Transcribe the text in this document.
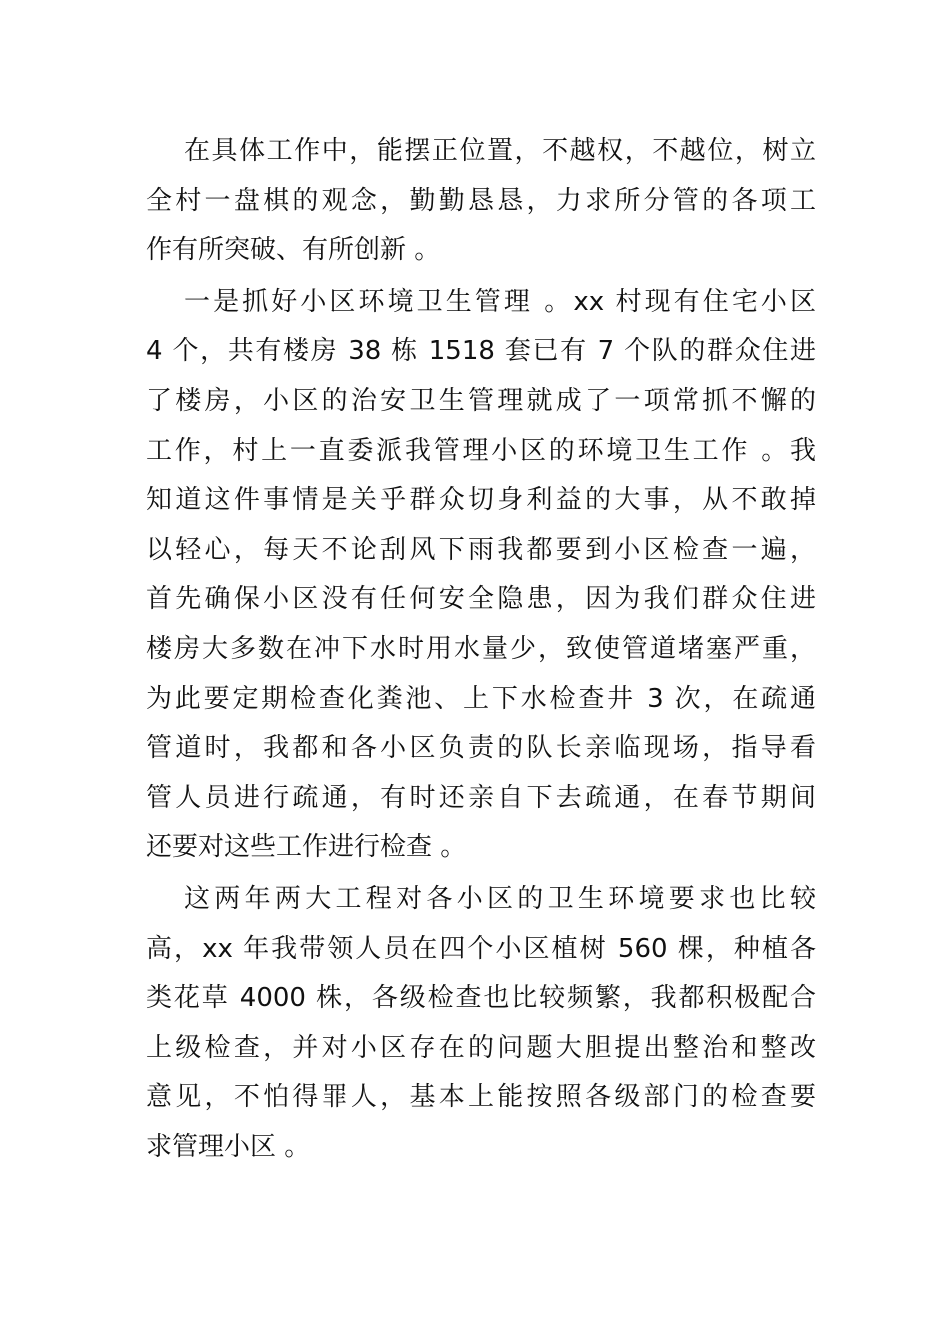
在具体工作中，能摆正位置，不越权，不越位，树立
全村一盘棋的观念，勤勤恳恳，力求所分管的各项工
作有所突破、有所创新 。
一是抓好小区环境卫生管理 。xx 村现有住宅小区
4 个，共有楼房 38 栋 1518 套已有 7 个队的群众住进
了楼房，小区的治安卫生管理就成了一项常抓不懈的
工作，村上一直委派我管理小区的环境卫生工作 。我
知道这件事情是关乎群众切身利益的大事，从不敢掉
以轻心，每天不论刮风下雨我都要到小区检查一遍，
首先确保小区没有任何安全隐患，因为我们群众住进
楼房大多数在冲下水时用水量少，致使管道堵塞严重，
为此要定期检查化粪池、上下水检查井 3 次，在疏通
管道时，我都和各小区负责的队长亲临现场，指导看
管人员进行疏通，有时还亲自下去疏通，在春节期间
还要对这些工作进行检查 。
这两年两大工程对各小区的卫生环境要求也比较
高，xx 年我带领人员在四个小区植树 560 棵，种植各
类花草 4000 株，各级检查也比较频繁，我都积极配合
上级检查，并对小区存在的问题大胆提出整治和整改
意见，不怕得罪人，基本上能按照各级部门的检查要
求管理小区 。
